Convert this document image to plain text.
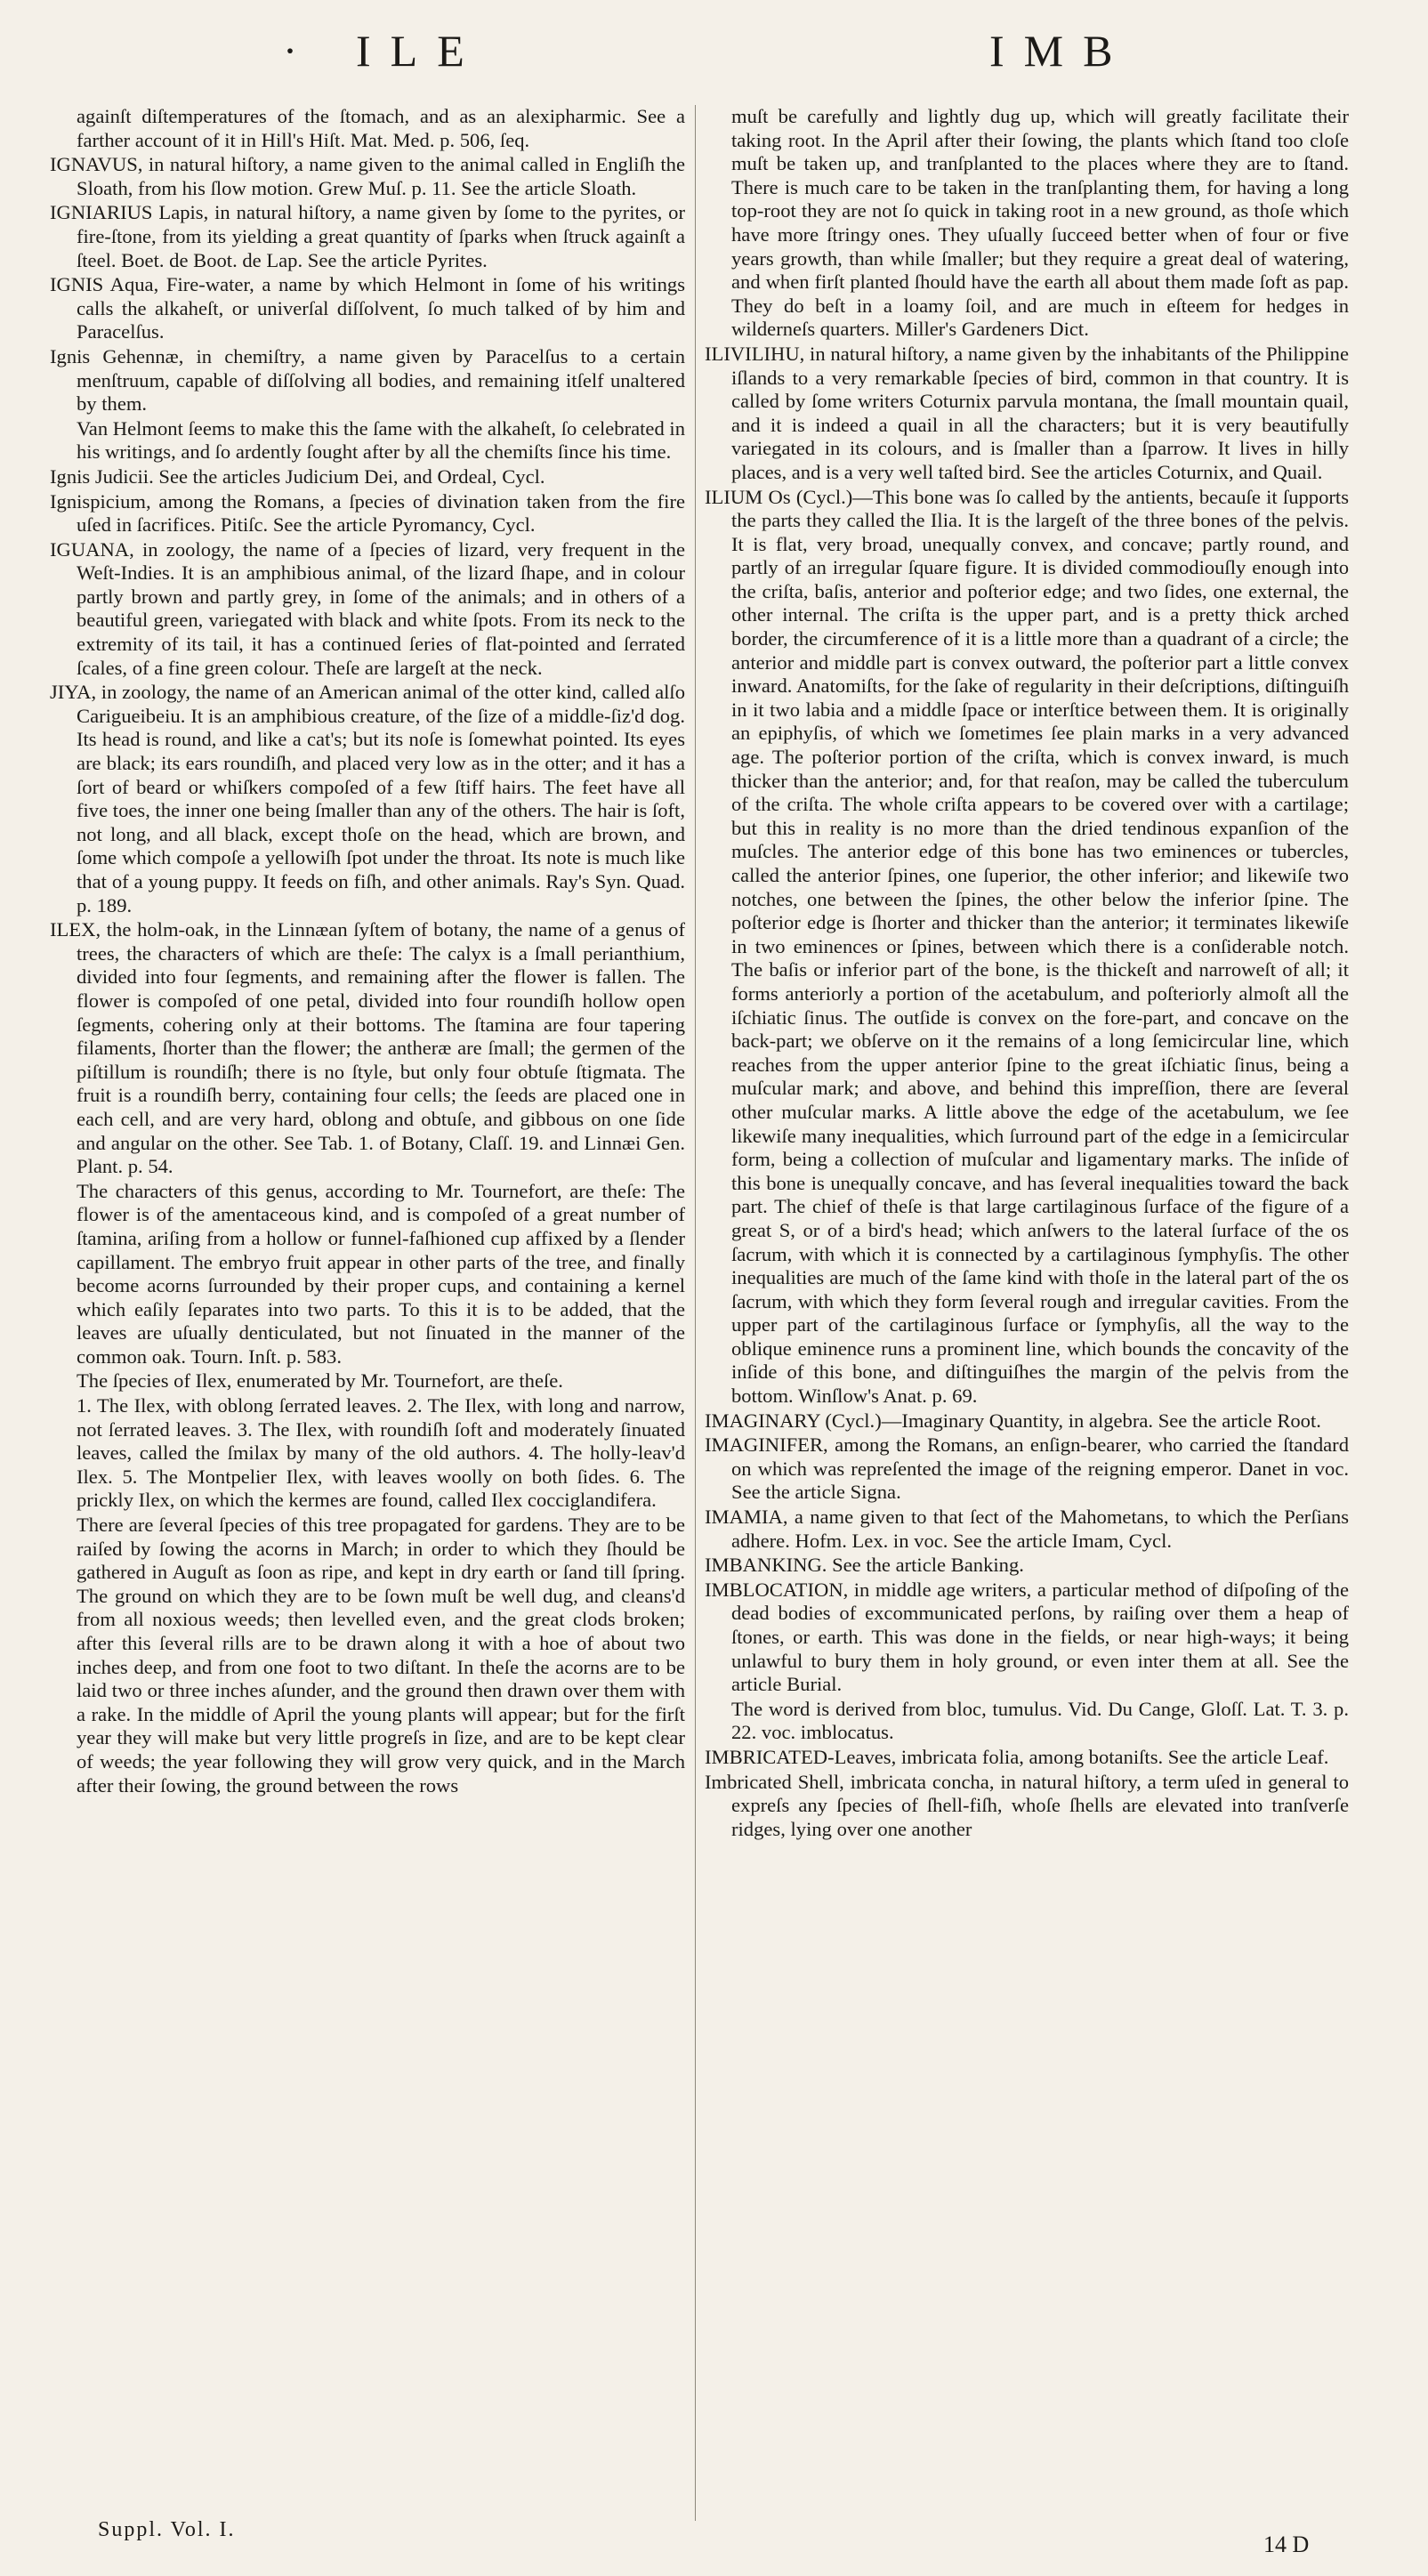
· ILE	IMB

againſt diſtemperatures of the ſtomach, and as an alexipharmic. See a farther account of it in Hill's Hiſt. Mat. Med. p. 506, ſeq.

IGNAVUS, in natural hiſtory, a name given to the animal called in Engliſh the Sloath, from his ſlow motion. Grew Muſ. p. 11. See the article Sloath.

IGNIARIUS Lapis, in natural hiſtory, a name given by ſome to the pyrites, or fire-ſtone, from its yielding a great quantity of ſparks when ſtruck againſt a ſteel. Boet. de Boot. de Lap. See the article Pyrites.

IGNIS Aqua, Fire-water, a name by which Helmont in ſome of his writings calls the alkaheſt, or univerſal diſſolvent, ſo much talked of by him and Paracelſus.

Ignis Gehennæ, in chemiſtry, a name given by Paracelſus to a certain menſtruum, capable of diſſolving all bodies, and remaining itſelf unaltered by them.

Van Helmont ſeems to make this the ſame with the alkaheſt, ſo celebrated in his writings, and ſo ardently ſought after by all the chemiſts ſince his time.

Ignis Judicii. See the articles Judicium Dei, and Ordeal, Cycl.

Ignispicium, among the Romans, a ſpecies of divination taken from the fire uſed in ſacrifices. Pitiſc. See the article Pyromancy, Cycl.

IGUANA, in zoology, the name of a ſpecies of lizard, very frequent in the Weſt-Indies. It is an amphibious animal, of the lizard ſhape, and in colour partly brown and partly grey, in ſome of the animals; and in others of a beautiful green, variegated with black and white ſpots. From its neck to the extremity of its tail, it has a continued ſeries of flat-pointed and ſerrated ſcales, of a fine green colour. Theſe are largeſt at the neck.

JIYA, in zoology, the name of an American animal of the otter kind, called alſo Carigueibeiu. It is an amphibious creature, of the ſize of a middle-ſiz'd dog. Its head is round, and like a cat's; but its noſe is ſomewhat pointed. Its eyes are black; its ears roundiſh, and placed very low as in the otter; and it has a ſort of beard or whiſkers compoſed of a few ſtiff hairs. The feet have all five toes, the inner one being ſmaller than any of the others. The hair is ſoft, not long, and all black, except thoſe on the head, which are brown, and ſome which compoſe a yellowiſh ſpot under the throat. Its note is much like that of a young puppy. It feeds on fiſh, and other animals. Ray's Syn. Quad. p. 189.

ILEX, the holm-oak, in the Linnæan ſyſtem of botany, the name of a genus of trees, the characters of which are theſe: The calyx is a ſmall perianthium, divided into four ſegments, and remaining after the flower is fallen. The flower is compoſed of one petal, divided into four roundiſh hollow open ſegments, cohering only at their bottoms. The ſtamina are four tapering filaments, ſhorter than the flower; the antheræ are ſmall; the germen of the piſtillum is roundiſh; there is no ſtyle, but only four obtuſe ſtigmata. The fruit is a roundiſh berry, containing four cells; the ſeeds are placed one in each cell, and are very hard, oblong and obtuſe, and gibbous on one ſide and angular on the other. See Tab. 1. of Botany, Claſſ. 19. and Linnæi Gen. Plant. p. 54.

The characters of this genus, according to Mr. Tournefort, are theſe: The flower is of the amentaceous kind, and is compoſed of a great number of ſtamina, ariſing from a hollow or funnel-faſhioned cup affixed by a ſlender capillament. The embryo fruit appear in other parts of the tree, and finally become acorns ſurrounded by their proper cups, and containing a kernel which eaſily ſeparates into two parts. To this it is to be added, that the leaves are uſually denticulated, but not ſinuated in the manner of the common oak. Tourn. Inſt. p. 583.

The ſpecies of Ilex, enumerated by Mr. Tournefort, are theſe.

1. The Ilex, with oblong ſerrated leaves. 2. The Ilex, with long and narrow, not ſerrated leaves. 3. The Ilex, with roundiſh ſoft and moderately ſinuated leaves, called the ſmilax by many of the old authors. 4. The holly-leav'd Ilex. 5. The Montpelier Ilex, with leaves woolly on both ſides. 6. The prickly Ilex, on which the kermes are found, called Ilex cocciglandifera.

There are ſeveral ſpecies of this tree propagated for gardens. They are to be raiſed by ſowing the acorns in March; in order to which they ſhould be gathered in Auguſt as ſoon as ripe, and kept in dry earth or ſand till ſpring. The ground on which they are to be ſown muſt be well dug, and cleans'd from all noxious weeds; then levelled even, and the great clods broken; after this ſeveral rills are to be drawn along it with a hoe of about two inches deep, and from one foot to two diſtant. In theſe the acorns are to be laid two or three inches aſunder, and the ground then drawn over them with a rake. In the middle of April the young plants will appear; but for the firſt year they will make but very little progreſs in ſize, and are to be kept clear of weeds; the year following they will grow very quick, and in the March after their ſowing, the ground between the rows

muſt be carefully and lightly dug up, which will greatly facilitate their taking root. In the April after their ſowing, the plants which ſtand too cloſe muſt be taken up, and tranſplanted to the places where they are to ſtand. There is much care to be taken in the tranſplanting them, for having a long top-root they are not ſo quick in taking root in a new ground, as thoſe which have more ſtringy ones. They uſually ſucceed better when of four or five years growth, than while ſmaller; but they require a great deal of watering, and when firſt planted ſhould have the earth all about them made ſoft as pap. They do beſt in a loamy ſoil, and are much in eſteem for hedges in wilderneſs quarters. Miller's Gardeners Dict.

ILIVILIHU, in natural hiſtory, a name given by the inhabitants of the Philippine iſlands to a very remarkable ſpecies of bird, common in that country. It is called by ſome writers Coturnix parvula montana, the ſmall mountain quail, and it is indeed a quail in all the characters; but it is very beautifully variegated in its colours, and is ſmaller than a ſparrow. It lives in hilly places, and is a very well taſted bird. See the articles Coturnix, and Quail.

ILIUM Os (Cycl.)—This bone was ſo called by the antients, becauſe it ſupports the parts they called the Ilia. It is the largeſt of the three bones of the pelvis. It is flat, very broad, unequally convex, and concave; partly round, and partly of an irregular ſquare figure. It is divided commodiouſly enough into the criſta, baſis, anterior and poſterior edge; and two ſides, one external, the other internal. The criſta is the upper part, and is a pretty thick arched border, the circumference of it is a little more than a quadrant of a circle; the anterior and middle part is convex outward, the poſterior part a little convex inward. Anatomiſts, for the ſake of regularity in their deſcriptions, diſtinguiſh in it two labia and a middle ſpace or interſtice between them. It is originally an epiphyſis, of which we ſometimes ſee plain marks in a very advanced age. The poſterior portion of the criſta, which is convex inward, is much thicker than the anterior; and, for that reaſon, may be called the tuberculum of the criſta. The whole criſta appears to be covered over with a cartilage; but this in reality is no more than the dried tendinous expanſion of the muſcles. The anterior edge of this bone has two eminences or tubercles, called the anterior ſpines, one ſuperior, the other inferior; and likewiſe two notches, one between the ſpines, the other below the inferior ſpine. The poſterior edge is ſhorter and thicker than the anterior; it terminates likewiſe in two eminences or ſpines, between which there is a conſiderable notch. The baſis or inferior part of the bone, is the thickeſt and narroweſt of all; it forms anteriorly a portion of the acetabulum, and poſteriorly almoſt all the iſchiatic ſinus. The outſide is convex on the fore-part, and concave on the back-part; we obſerve on it the remains of a long ſemicircular line, which reaches from the upper anterior ſpine to the great iſchiatic ſinus, being a muſcular mark; and above, and behind this impreſſion, there are ſeveral other muſcular marks. A little above the edge of the acetabulum, we ſee likewiſe many inequalities, which ſurround part of the edge in a ſemicircular form, being a collection of muſcular and ligamentary marks. The inſide of this bone is unequally concave, and has ſeveral inequalities toward the back part. The chief of theſe is that large cartilaginous ſurface of the figure of a great S, or of a bird's head; which anſwers to the lateral ſurface of the os ſacrum, with which it is connected by a cartilaginous ſymphyſis. The other inequalities are much of the ſame kind with thoſe in the lateral part of the os ſacrum, with which they form ſeveral rough and irregular cavities. From the upper part of the cartilaginous ſurface or ſymphyſis, all the way to the oblique eminence runs a prominent line, which bounds the concavity of the inſide of this bone, and diſtinguiſhes the margin of the pelvis from the bottom. Winſlow's Anat. p. 69.

IMAGINARY (Cycl.)—Imaginary Quantity, in algebra. See the article Root.

IMAGINIFER, among the Romans, an enſign-bearer, who carried the ſtandard on which was repreſented the image of the reigning emperor. Danet in voc. See the article Signa.

IMAMIA, a name given to that ſect of the Mahometans, to which the Perſians adhere. Hofm. Lex. in voc. See the article Imam, Cycl.

IMBANKING. See the article Banking.

IMBLOCATION, in middle age writers, a particular method of diſpoſing of the dead bodies of excommunicated perſons, by raiſing over them a heap of ſtones, or earth. This was done in the fields, or near high-ways; it being unlawful to bury them in holy ground, or even inter them at all. See the article Burial.

The word is derived from bloc, tumulus. Vid. Du Cange, Gloſſ. Lat. T. 3. p. 22. voc. imblocatus.

IMBRICATED-Leaves, imbricata folia, among botaniſts. See the article Leaf.

Imbricated Shell, imbricata concha, in natural hiſtory, a term uſed in general to expreſs any ſpecies of ſhell-fiſh, whoſe ſhells are elevated into tranſverſe ridges, lying over one another

Suppl. Vol. I.
14 D
